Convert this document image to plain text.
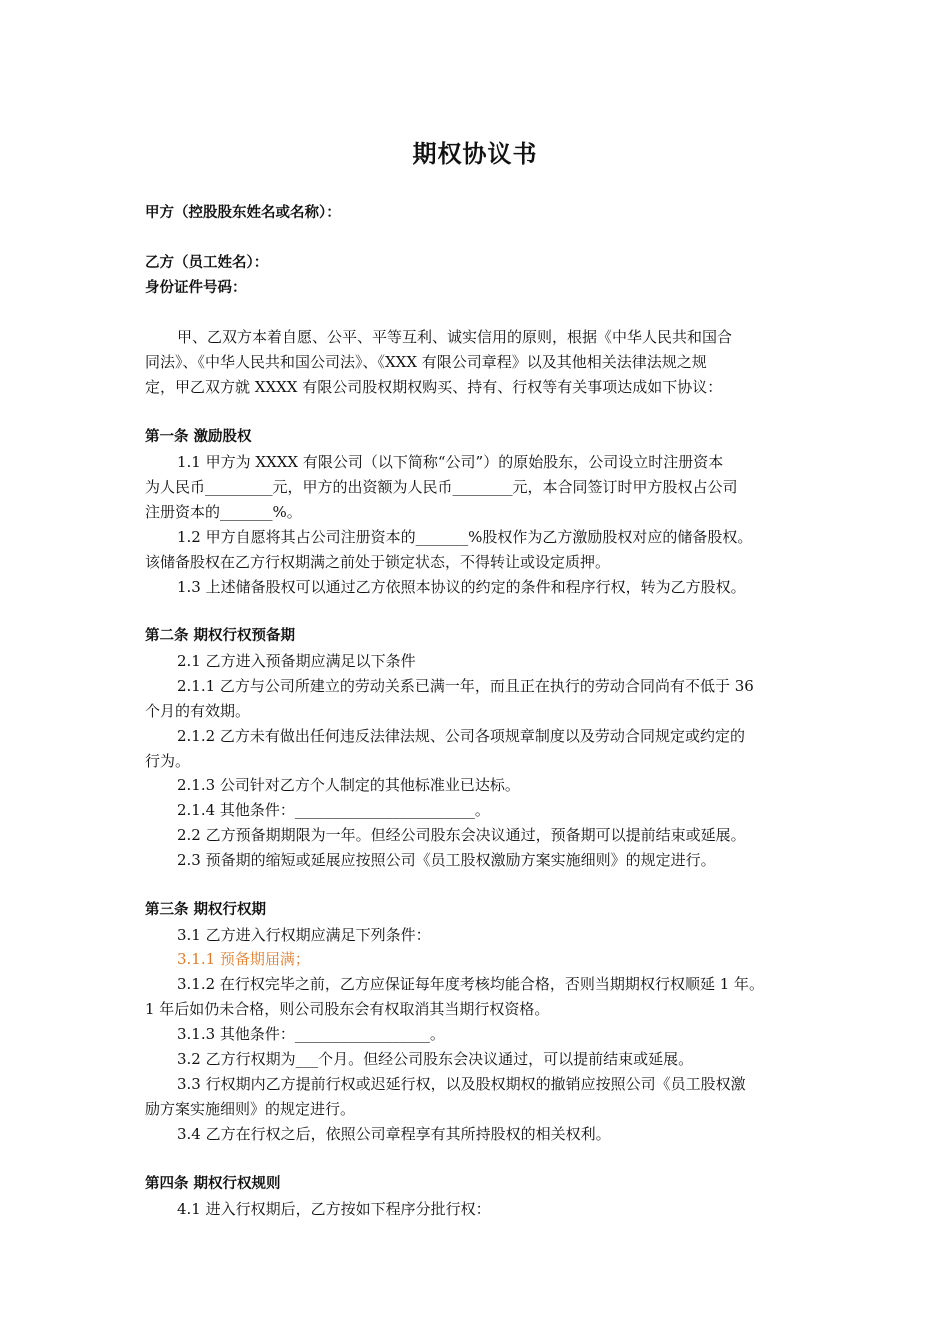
期权协议书
甲方（控股股东姓名或名称）：
乙方（员工姓名）：
身份证件号码：
甲、乙双方本着自愿、公平、平等互利、诚实信用的原则，根据《中华人民共和国合
同法》、《中华人民共和国公司法》、《XXX 有限公司章程》以及其他相关法律法规之规
定，甲乙双方就 XXXX 有限公司股权期权购买、持有、行权等有关事项达成如下协议：
第一条 激励股权
1.1 甲方为 XXXX 有限公司（以下简称“公司”）的原始股东，公司设立时注册资本
为人民币_________元，甲方的出资额为人民币________元，本合同签订时甲方股权占公司
注册资本的_______%。
1.2 甲方自愿将其占公司注册资本的_______%股权作为乙方激励股权对应的储备股权。
该储备股权在乙方行权期满之前处于锁定状态，不得转让或设定质押。
1.3 上述储备股权可以通过乙方依照本协议的约定的条件和程序行权，转为乙方股权。
第二条 期权行权预备期
2.1 乙方进入预备期应满足以下条件
2.1.1 乙方与公司所建立的劳动关系已满一年，而且正在执行的劳动合同尚有不低于 36
个月的有效期。
2.1.2 乙方未有做出任何违反法律法规、公司各项规章制度以及劳动合同规定或约定的
行为。
2.1.3 公司针对乙方个人制定的其他标准业已达标。
2.1.4 其他条件：________________________。
2.2 乙方预备期期限为一年。但经公司股东会决议通过，预备期可以提前结束或延展。
2.3 预备期的缩短或延展应按照公司《员工股权激励方案实施细则》的规定进行。
第三条 期权行权期
3.1 乙方进入行权期应满足下列条件：
3.1.1 预备期届满；
3.1.2 在行权完毕之前，乙方应保证每年度考核均能合格，否则当期期权行权顺延 1 年。
1 年后如仍未合格，则公司股东会有权取消其当期行权资格。
3.1.3 其他条件：__________________。
3.2 乙方行权期为___个月。但经公司股东会决议通过，可以提前结束或延展。
3.3 行权期内乙方提前行权或迟延行权，以及股权期权的撤销应按照公司《员工股权激
励方案实施细则》的规定进行。
3.4 乙方在行权之后，依照公司章程享有其所持股权的相关权利。
第四条 期权行权规则
4.1 进入行权期后，乙方按如下程序分批行权：
